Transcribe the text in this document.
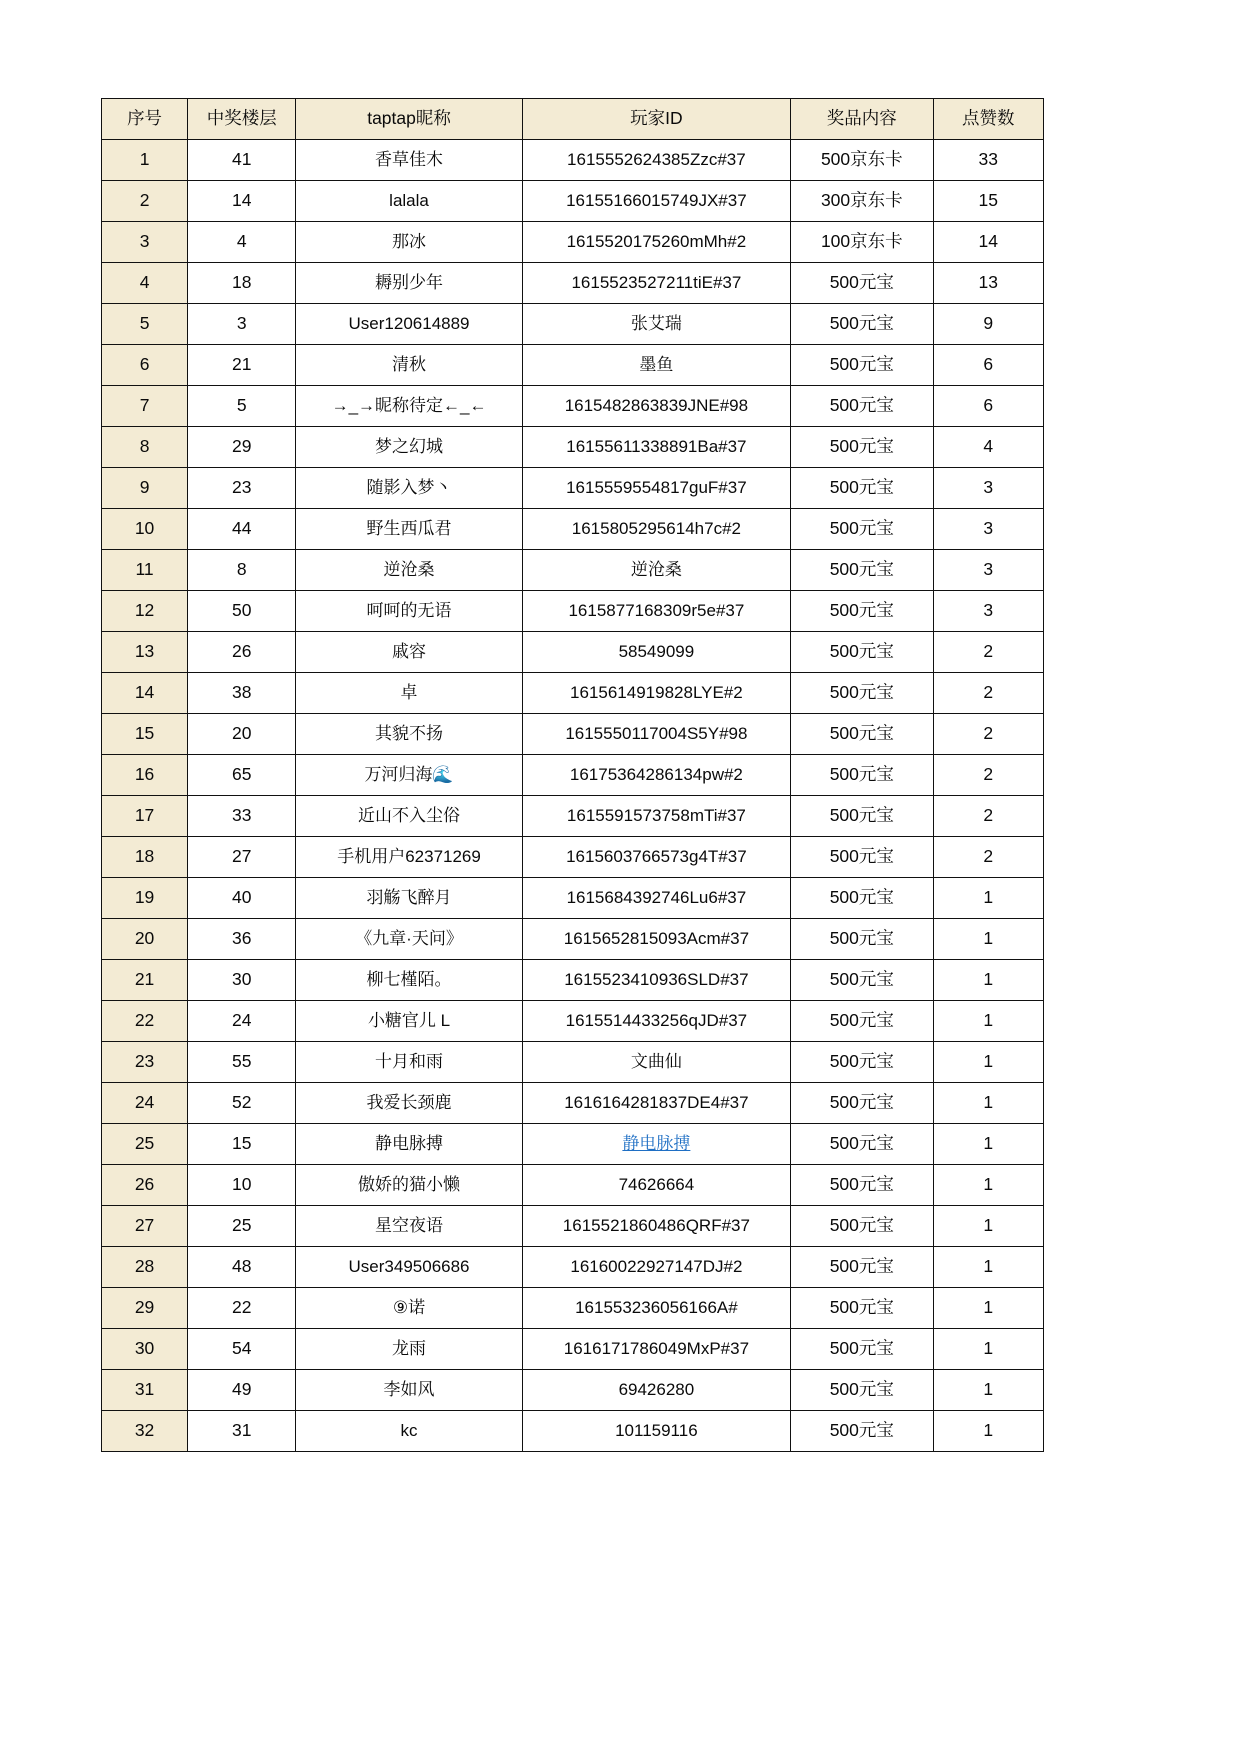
序号	中奖楼层	taptap昵称	玩家ID	奖品内容	点赞数
1	41	香草佳木	1615552624385Zzc#37	500京东卡	33
2	14	lalala	16155166015749JX#37	300京东卡	15
3	4	那冰	1615520175260mMh#2	100京东卡	14
4	18	耨别少年	1615523527211tiE#37	500元宝	13
5	3	User120614889	张艾瑞	500元宝	9
6	21	清秋	墨鱼	500元宝	6
7	5	→_→昵称待定←_←	1615482863839JNE#98	500元宝	6
8	29	梦之幻城	16155611338891Ba#37	500元宝	4
9	23	随影入梦丶	1615559554817guF#37	500元宝	3
10	44	野生西瓜君	1615805295614h7c#2	500元宝	3
11	8	逆沧桑	逆沧桑	500元宝	3
12	50	呵呵的无语	1615877168309r5e#37	500元宝	3
13	26	戚容	58549099	500元宝	2
14	38	卓	1615614919828LYE#2	500元宝	2
15	20	其貌不扬	1615550117004S5Y#98	500元宝	2
16	65	万河归海🌊	16175364286134pw#2	500元宝	2
17	33	近山不入尘俗	1615591573758mTi#37	500元宝	2
18	27	手机用户62371269	1615603766573g4T#37	500元宝	2
19	40	羽觞飞醉月	1615684392746Lu6#37	500元宝	1
20	36	《九章·天问》	1615652815093Acm#37	500元宝	1
21	30	柳七槿陌。	1615523410936SLD#37	500元宝	1
22	24	小糖官儿 L	1615514433256qJD#37	500元宝	1
23	55	十月和雨	文曲仙	500元宝	1
24	52	我爱长颈鹿	1616164281837DE4#37	500元宝	1
25	15	静电脉搏	静电脉搏	500元宝	1
26	10	傲娇的猫小懒	74626664	500元宝	1
27	25	星空夜语	1615521860486QRF#37	500元宝	1
28	48	User349506686	16160022927147DJ#2	500元宝	1
29	22	⑨诺	161553236056166A#	500元宝	1
30	54	龙雨	1616171786049MxP#37	500元宝	1
31	49	李如风	69426280	500元宝	1
32	31	kc	101159116	500元宝	1
